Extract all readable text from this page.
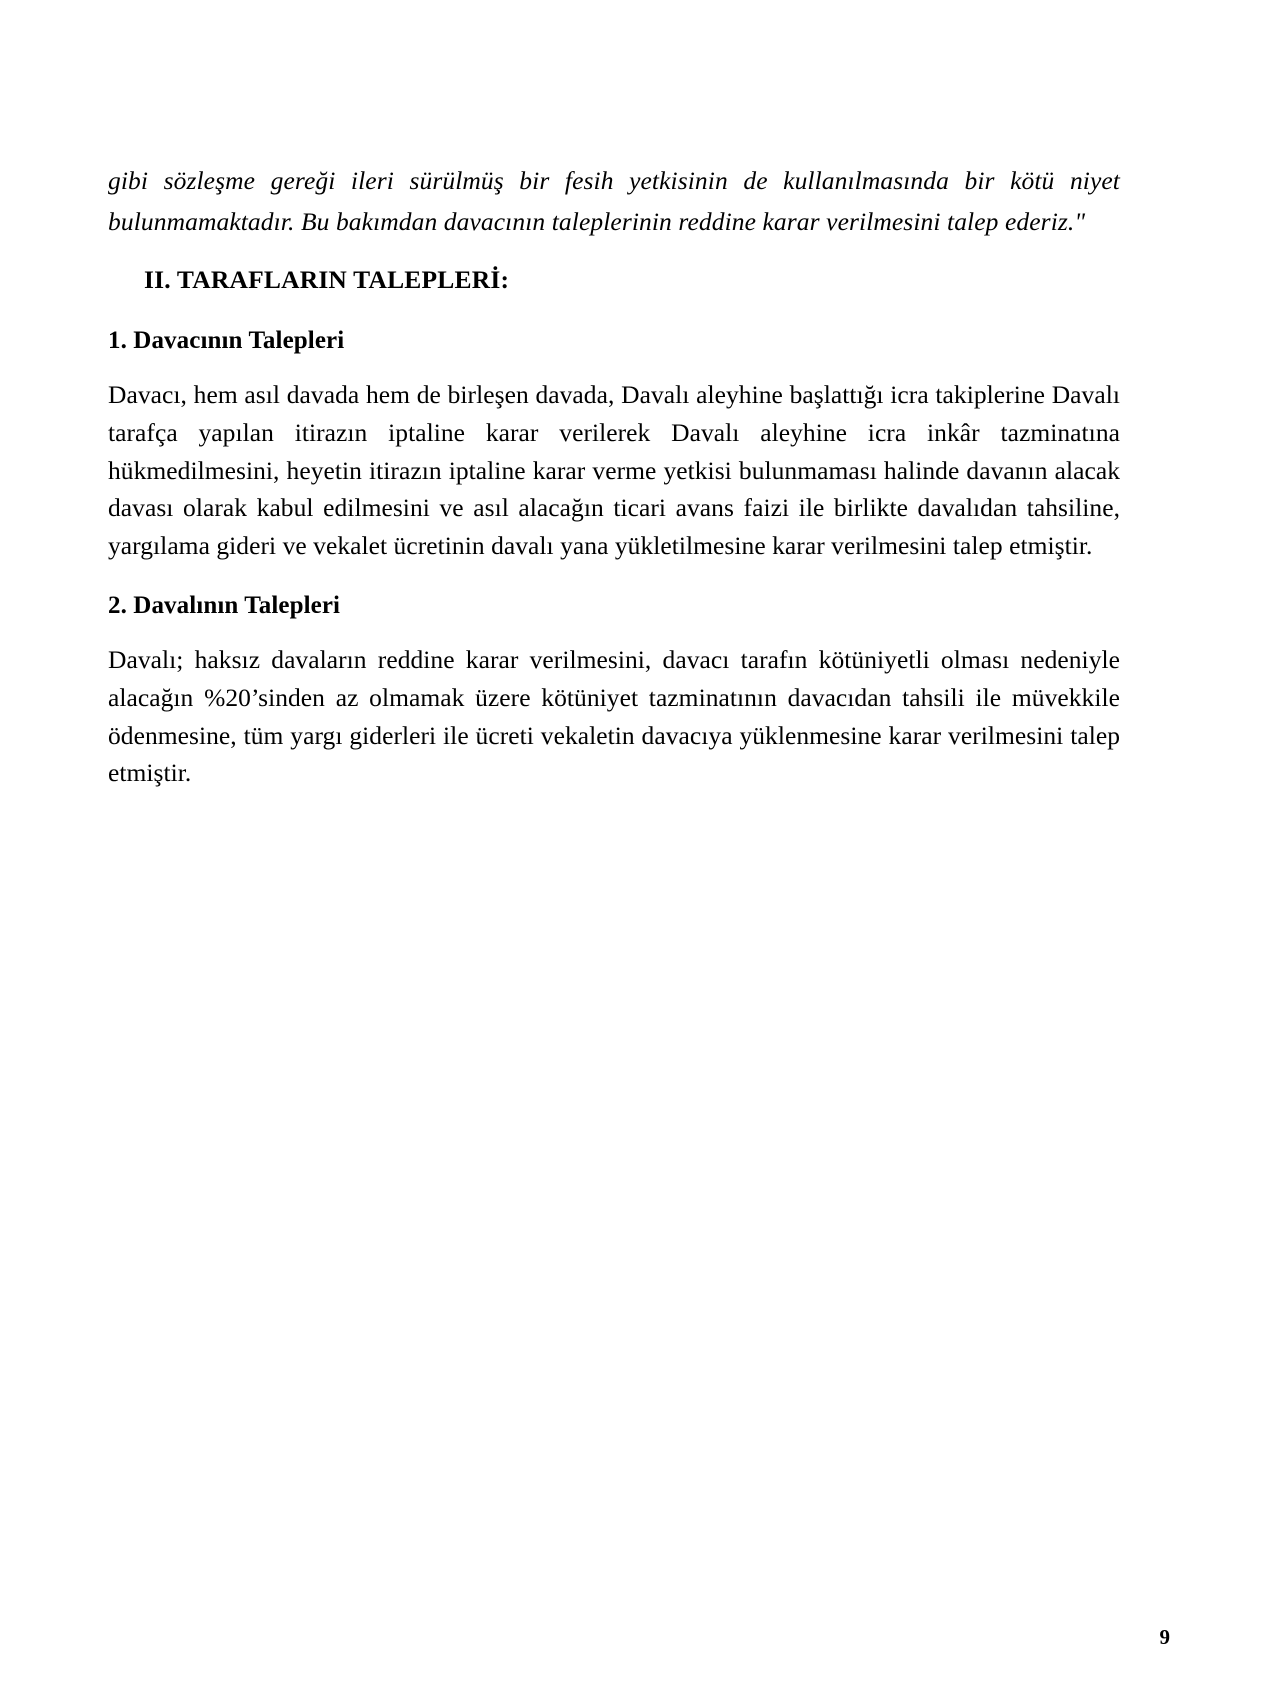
gibi sözleşme gereği ileri sürülmüş bir fesih yetkisinin de kullanılmasında bir kötü niyet bulunmamaktadır. Bu bakımdan davacının taleplerinin reddine karar verilmesini talep ederiz."

II. TARAFLARIN TALEPLERİ:
1. Davacının Talepleri

Davacı, hem asıl davada hem de birleşen davada, Davalı aleyhine başlattığı icra takiplerine Davalı tarafça yapılan itirazın iptaline karar verilerek Davalı aleyhine icra inkâr tazminatına hükmedilmesini, heyetin itirazın iptaline karar verme yetkisi bulunmaması halinde davanın alacak davası olarak kabul edilmesini ve asıl alacağın ticari avans faizi ile birlikte davalıdan tahsiline, yargılama gideri ve vekalet ücretinin davalı yana yükletilmesine karar verilmesini talep etmiştir.

2. Davalının Talepleri

Davalı; haksız davaların reddine karar verilmesini, davacı tarafın kötüniyetli olması nedeniyle alacağın %20’sinden az olmamak üzere kötüniyet tazminatının davacıdan tahsili ile müvekkile ödenmesine, tüm yargı giderleri ile ücreti vekaletin davacıya yüklenmesine karar verilmesini talep etmiştir.

9
